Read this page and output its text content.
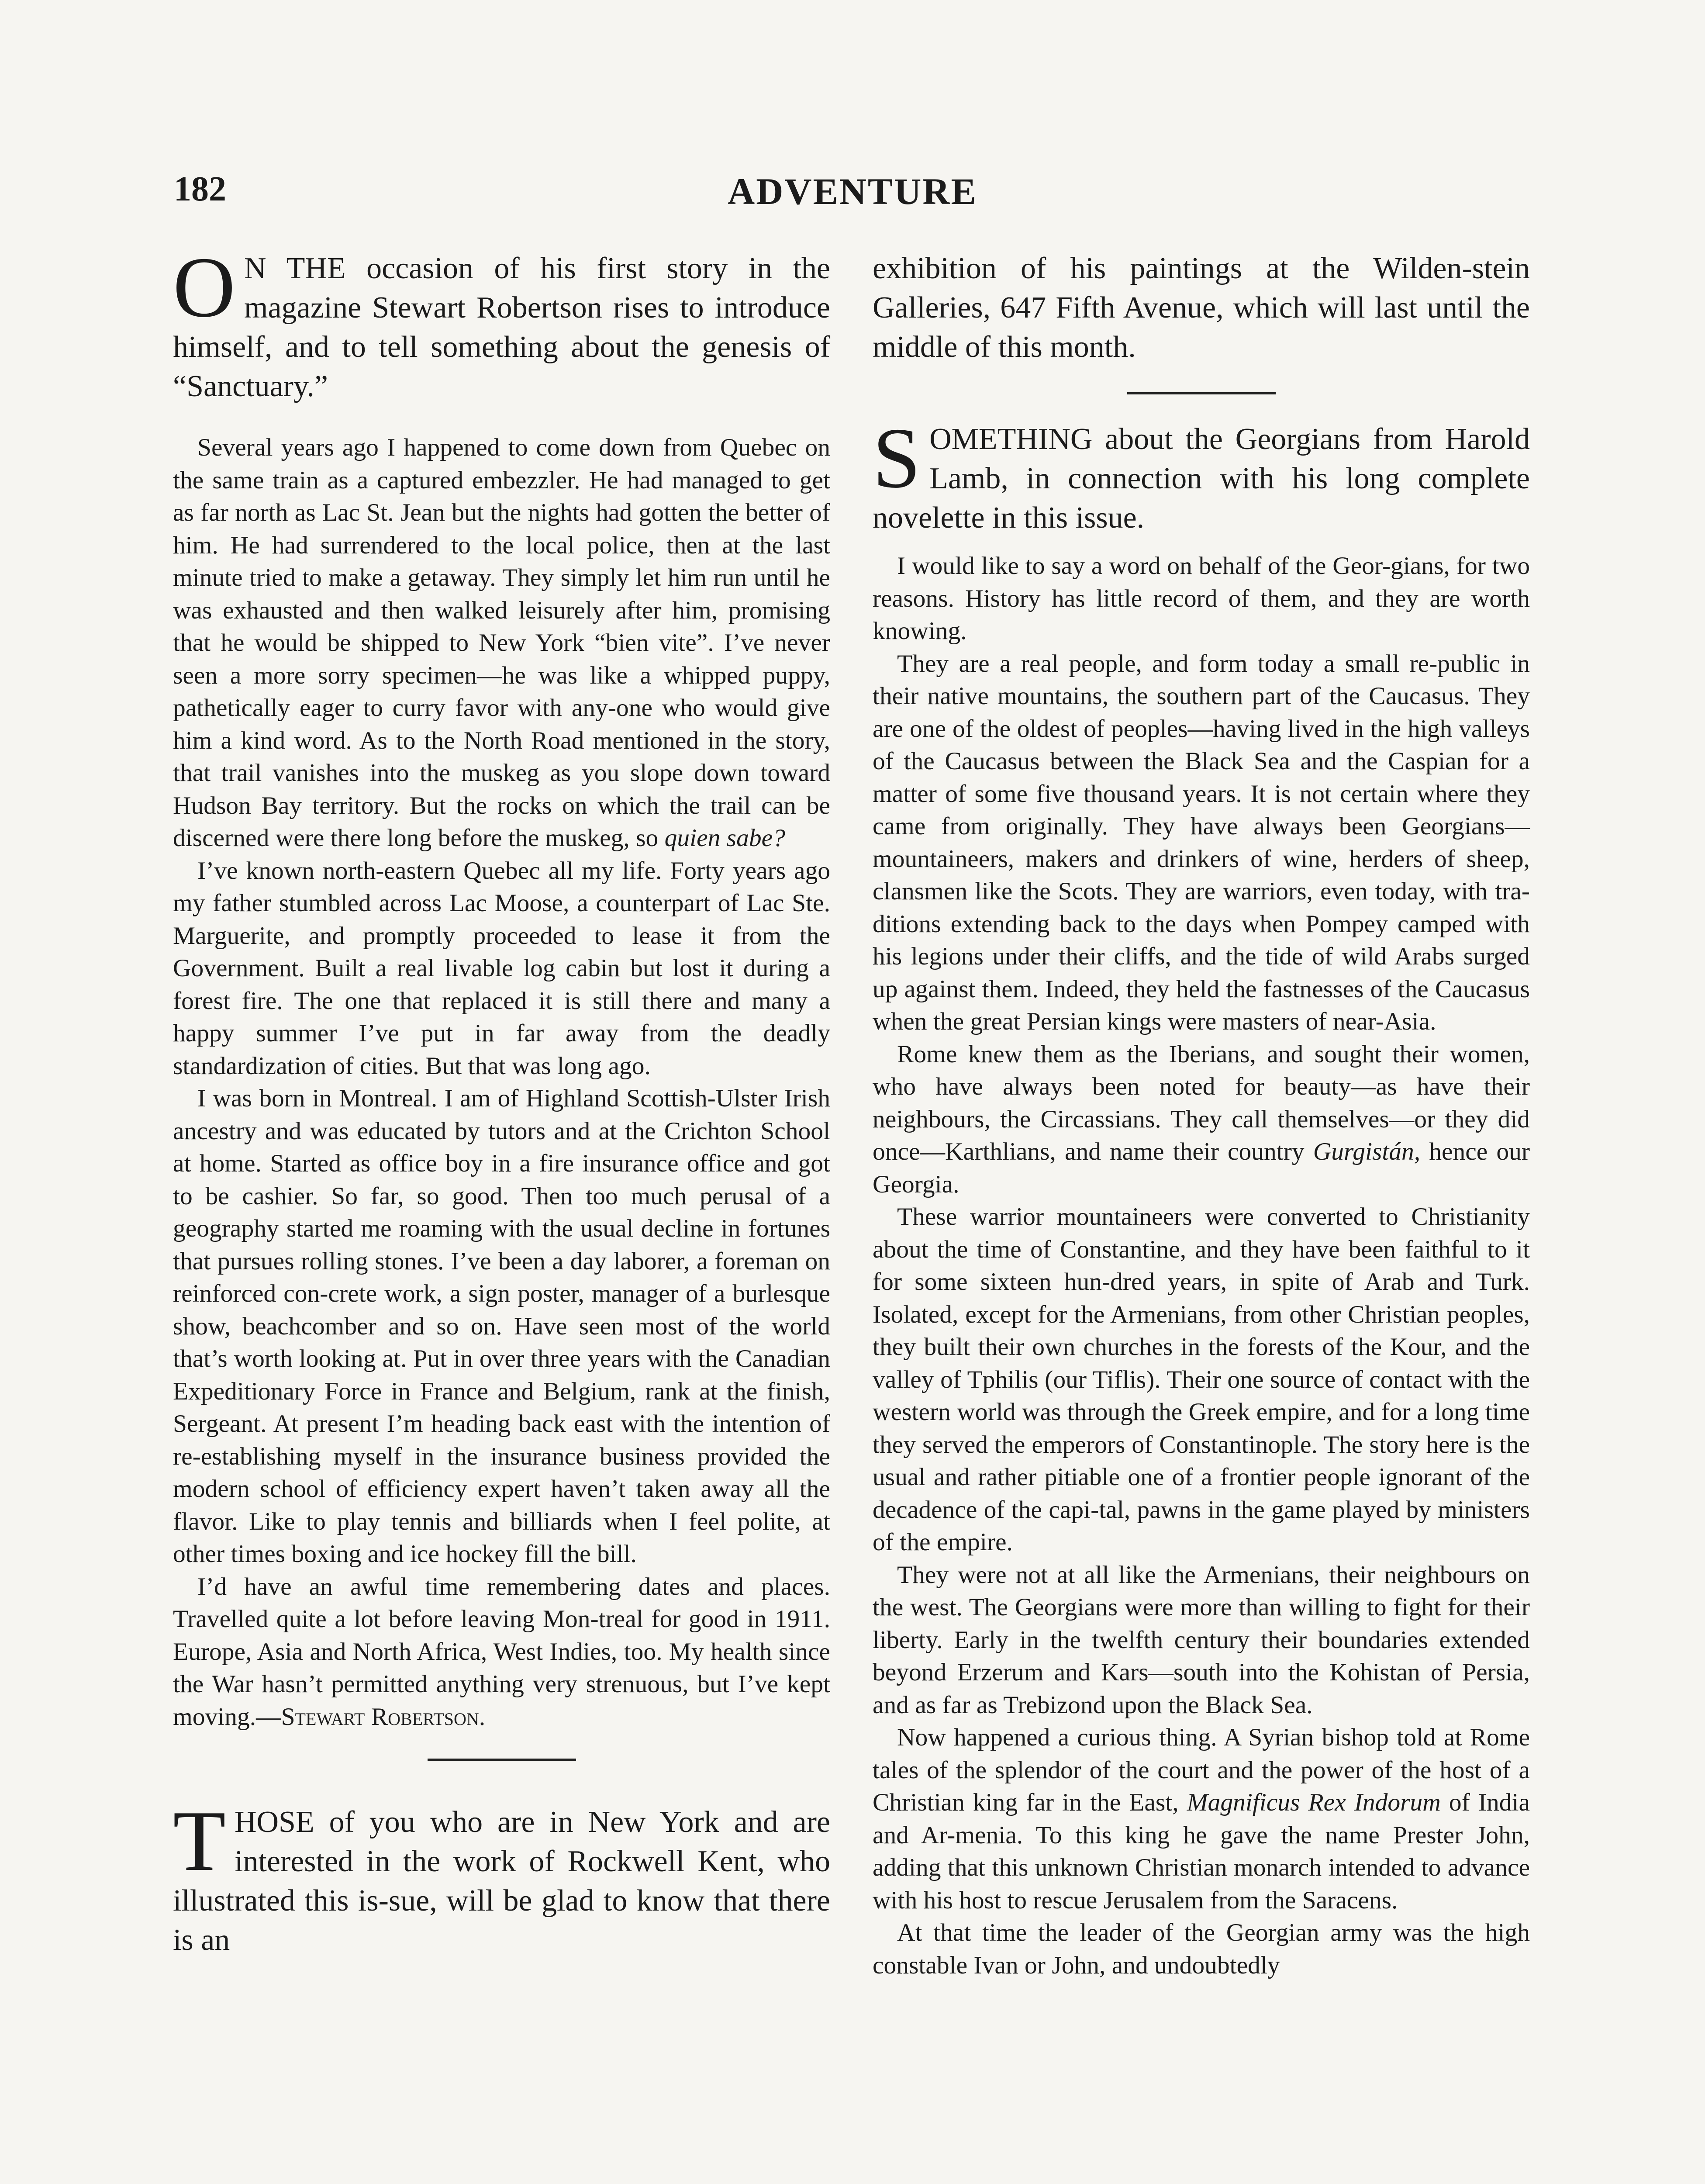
182	ADVENTURE

O N THE occasion of his first story in the magazine Stewart Robertson rises to introduce himself, and to tell something about the genesis of “Sanctuary.”

Several years ago I happened to come down from Quebec on the same train as a captured embezzler. He had managed to get as far north as Lac St. Jean but the nights had gotten the better of him. He had surrendered to the local police, then at the last minute tried to make a getaway. They simply let him run until he was exhausted and then walked leisurely after him, promising that he would be shipped to New York “bien vite”. I’ve never seen a more sorry specimen—he was like a whipped puppy, pathetically eager to curry favor with any-one who would give him a kind word. As to the North Road mentioned in the story, that trail vanishes into the muskeg as you slope down toward Hudson Bay territory. But the rocks on which the trail can be discerned were there long before the muskeg, so quien sabe?

I’ve known north-eastern Quebec all my life. Forty years ago my father stumbled across Lac Moose, a counterpart of Lac Ste. Marguerite, and promptly proceeded to lease it from the Government. Built a real livable log cabin but lost it during a forest fire. The one that replaced it is still there and many a happy summer I’ve put in far away from the deadly standardization of cities. But that was long ago.

I was born in Montreal. I am of Highland Scottish-Ulster Irish ancestry and was educated by tutors and at the Crichton School at home. Started as office boy in a fire insurance office and got to be cashier. So far, so good. Then too much perusal of a geography started me roaming with the usual decline in fortunes that pursues rolling stones. I’ve been a day laborer, a foreman on reinforced con-crete work, a sign poster, manager of a burlesque show, beachcomber and so on. Have seen most of the world that’s worth looking at. Put in over three years with the Canadian Expeditionary Force in France and Belgium, rank at the finish, Sergeant. At present I’m heading back east with the intention of re-establishing myself in the insurance business provided the modern school of efficiency expert haven’t taken away all the flavor. Like to play tennis and billiards when I feel polite, at other times boxing and ice hockey fill the bill.

I’d have an awful time remembering dates and places. Travelled quite a lot before leaving Mon-treal for good in 1911. Europe, Asia and North Africa, West Indies, too. My health since the War hasn’t permitted anything very strenuous, but I’ve kept moving.—Stewart Robertson.

THOSE of you who are in New York and are interested in the work of Rockwell Kent, who illustrated this is-sue, will be glad to know that there is an

exhibition of his paintings at the Wilden-stein Galleries, 647 Fifth Avenue, which will last until the middle of this month.

SOMETHING about the Georgians from Harold Lamb, in connection with his long complete novelette in this issue.

I would like to say a word on behalf of the Geor-gians, for two reasons. History has little record of them, and they are worth knowing.

They are a real people, and form today a small re-public in their native mountains, the southern part of the Caucasus. They are one of the oldest of peoples—having lived in the high valleys of the Caucasus between the Black Sea and the Caspian for a matter of some five thousand years. It is not certain where they came from originally. They have always been Georgians—mountaineers, makers and drinkers of wine, herders of sheep, clansmen like the Scots. They are warriors, even today, with tra-ditions extending back to the days when Pompey camped with his legions under their cliffs, and the tide of wild Arabs surged up against them. Indeed, they held the fastnesses of the Caucasus when the great Persian kings were masters of near-Asia.

Rome knew them as the Iberians, and sought their women, who have always been noted for beauty—as have their neighbours, the Circassians. They call themselves—or they did once—Karthlians, and name their country Gurgistán, hence our Georgia.

These warrior mountaineers were converted to Christianity about the time of Constantine, and they have been faithful to it for some sixteen hun-dred years, in spite of Arab and Turk. Isolated, except for the Armenians, from other Christian peoples, they built their own churches in the forests of the Kour, and the valley of Tphilis (our Tiflis). Their one source of contact with the western world was through the Greek empire, and for a long time they served the emperors of Constantinople. The story here is the usual and rather pitiable one of a frontier people ignorant of the decadence of the capi-tal, pawns in the game played by ministers of the empire.

They were not at all like the Armenians, their neighbours on the west. The Georgians were more than willing to fight for their liberty. Early in the twelfth century their boundaries extended beyond Erzerum and Kars—south into the Kohistan of Persia, and as far as Trebizond upon the Black Sea.

Now happened a curious thing. A Syrian bishop told at Rome tales of the splendor of the court and the power of the host of a Christian king far in the East, Magnificus Rex Indorum of India and Ar-menia. To this king he gave the name Prester John, adding that this unknown Christian monarch intended to advance with his host to rescue Jerusalem from the Saracens.

At that time the leader of the Georgian army was the high constable Ivan or John, and undoubtedly
